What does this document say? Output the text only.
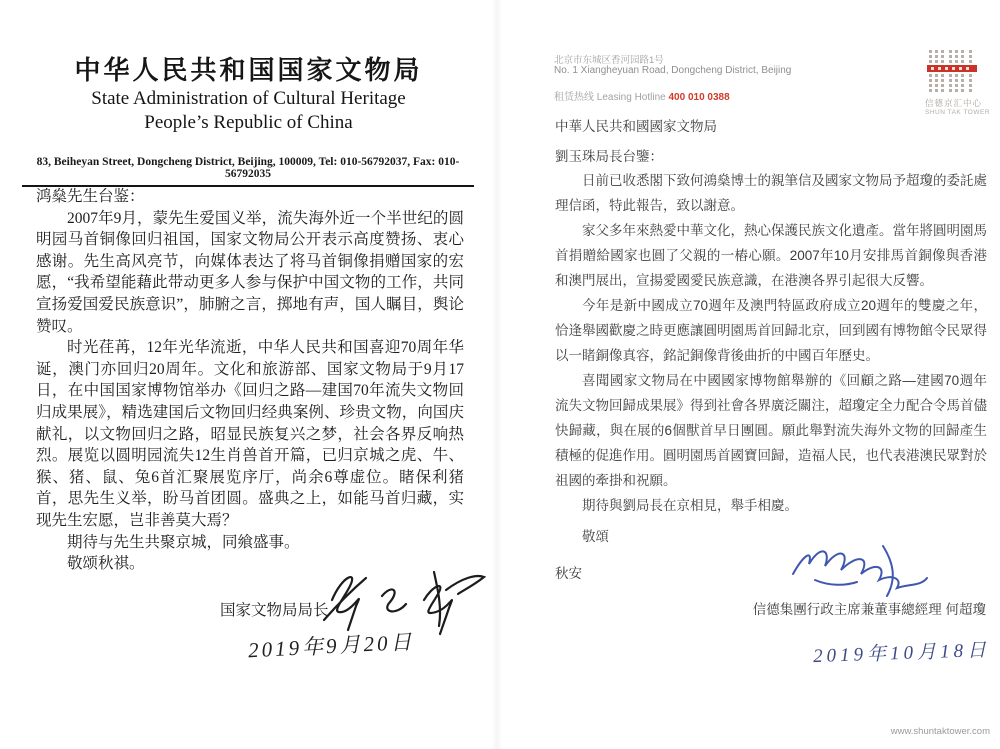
中华人民共和国国家文物局
State Administration of Cultural Heritage
People’s Republic of China
83, Beiheyan Street, Dongcheng District, Beijing, 100009, Tel: 010-56792037, Fax: 010-56792035

鸿燊先生台鉴：

2007年9月，蒙先生爱国义举，流失海外近一个半世纪的圆明园马首铜像回归祖国，国家文物局公开表示高度赞扬、衷心感谢。先生高风亮节，向媒体表达了将马首铜像捐赠国家的宏愿，“我希望能藉此带动更多人参与保护中国文物的工作，共同宣扬爱国爱民族意识”，肺腑之言，掷地有声，国人瞩目，舆论赞叹。

时光荏苒，12年光华流逝，中华人民共和国喜迎70周年华诞，澳门亦回归20周年。文化和旅游部、国家文物局于9月17日，在中国国家博物馆举办《回归之路—建国70年流失文物回归成果展》，精选建国后文物回归经典案例、珍贵文物，向国庆献礼，以文物回归之路，昭显民族复兴之梦，社会各界反响热烈。展览以圆明园流失12生肖兽首开篇，已归京城之虎、牛、猴、猪、鼠、兔6首汇聚展览序厅，尚余6尊虚位。睹保利猪首，思先生义举，盼马首团圆。盛典之上，如能马首归藏，实现先生宏愿，岂非善莫大焉？

期待与先生共聚京城，同飨盛事。

敬颂秋祺。

国家文物局局长
2019年9月20日
北京市东城区香河园路1号
No. 1 Xiangheyuan Road, Dongcheng District, Beijing
租赁热线 Leasing Hotline 400 010 0388	信德京汇中心
SHUN TAK TOWER
中華人民共和國國家文物局
劉玉珠局長台鑒：

日前已收悉閣下致何鴻燊博士的親筆信及國家文物局予超瓊的委託處理信函，特此報告，致以謝意。

家父多年來熱愛中華文化，熱心保護民族文化遺產。當年將圓明園馬首捐贈給國家也圓了父親的一樁心願。2007年10月安排馬首銅像與香港和澳門展出，宣揚愛國愛民族意識，在港澳各界引起很大反響。

今年是新中國成立70週年及澳門特區政府成立20週年的雙慶之年，恰逢舉國歡慶之時更應讓圓明園馬首回歸北京，回到國有博物館令民眾得以一睹銅像真容，銘記銅像背後曲折的中國百年歷史。

喜聞國家文物局在中國國家博物館舉辦的《回顧之路—建國70週年流失文物回歸成果展》得到社會各界廣泛關注，超瓊定全力配合令馬首儘快歸藏，與在展的6個獸首早日團圓。願此舉對流失海外文物的回歸產生積極的促進作用。圓明園馬首國寶回歸，造福人民，也代表港澳民眾對於祖國的牽掛和祝願。

期待與劉局長在京相見，舉手相慶。

敬頌
秋安
信德集團行政主席兼董事總經理 何超瓊
2019年10月18日
www.shuntaktower.com
